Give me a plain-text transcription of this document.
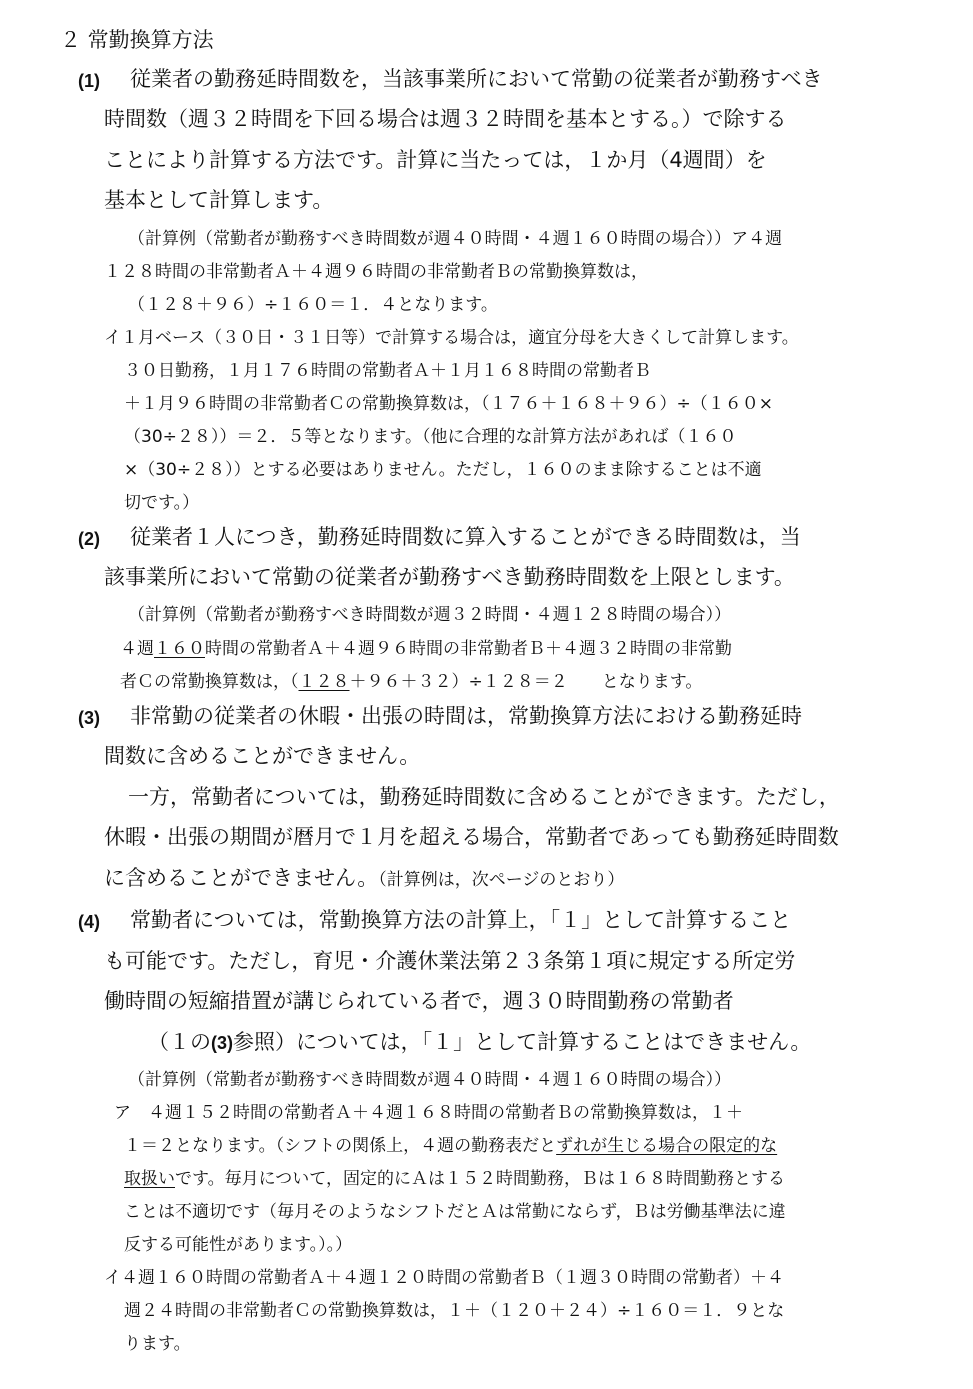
２ 常勤換算方法
(1) 従業者の勤務延時間数を，当該事業所において常勤の従業者が勤務すべき
時間数（週３２時間を下回る場合は週３２時間を基本とする。）で除する
ことにより計算する方法です。計算に当たっては，１か月（4週間）を
基本として計算します。
（計算例（常勤者が勤務すべき時間数が週４０時間・４週１６０時間の場合））ア４週
１２８時間の非常勤者Ａ＋４週９６時間の非常勤者Ｂの常勤換算数は，
（１２８＋９６）÷１６０＝１．４となります。
イ１月ベース（３０日・３１日等）で計算する場合は，適宜分母を大きくして計算します。
３０日勤務，１月１７６時間の常勤者Ａ＋１月１６８時間の常勤者Ｂ
＋１月９６時間の非常勤者Ｃの常勤換算数は，（１７６＋１６８＋９６）÷（１６０×
（30÷２８））＝２．５等となります。（他に合理的な計算方法があれば（１６０
×（30÷２８））とする必要はありません。ただし，１６０のまま除することは不適
切です。）
(2) 従業者１人につき，勤務延時間数に算入することができる時間数は，当
該事業所において常勤の従業者が勤務すべき勤務時間数を上限とします。
（計算例（常勤者が勤務すべき時間数が週３２時間・４週１２８時間の場合））
４週１６０時間の常勤者Ａ＋４週９６時間の非常勤者Ｂ＋４週３２時間の非常勤
者Ｃの常勤換算数は，（１２８＋９６＋３２）÷１２８＝２　　となります。
(3) 非常勤の従業者の休暇・出張の時間は，常勤換算方法における勤務延時
間数に含めることができません。
一方，常勤者については，勤務延時間数に含めることができます。ただし，
休暇・出張の期間が暦月で１月を超える場合，常勤者であっても勤務延時間数
に含めることができません。（計算例は，次ページのとおり）
(4) 常勤者については，常勤換算方法の計算上，「１」として計算すること
も可能です。ただし，育児・介護休業法第２３条第１項に規定する所定労
働時間の短縮措置が講じられている者で，週３０時間勤務の常勤者
（１の(3)参照）については，「１」として計算することはできません。
（計算例（常勤者が勤務すべき時間数が週４０時間・４週１６０時間の場合））
ア　４週１５２時間の常勤者Ａ＋４週１６８時間の常勤者Ｂの常勤換算数は，１＋
１＝２となります。（シフトの関係上，４週の勤務表だとずれが生じる場合の限定的な
取扱いです。毎月について，固定的にＡは１５２時間勤務，Ｂは１６８時間勤務とする
ことは不適切です（毎月そのようなシフトだとＡは常勤にならず，Ｂは労働基準法に違
反する可能性があります。）。）
イ４週１６０時間の常勤者Ａ＋４週１２０時間の常勤者Ｂ（１週３０時間の常勤者）＋４
週２４時間の非常勤者Ｃの常勤換算数は，１＋（１２０＋２４）÷１６０＝１．９とな
ります。
